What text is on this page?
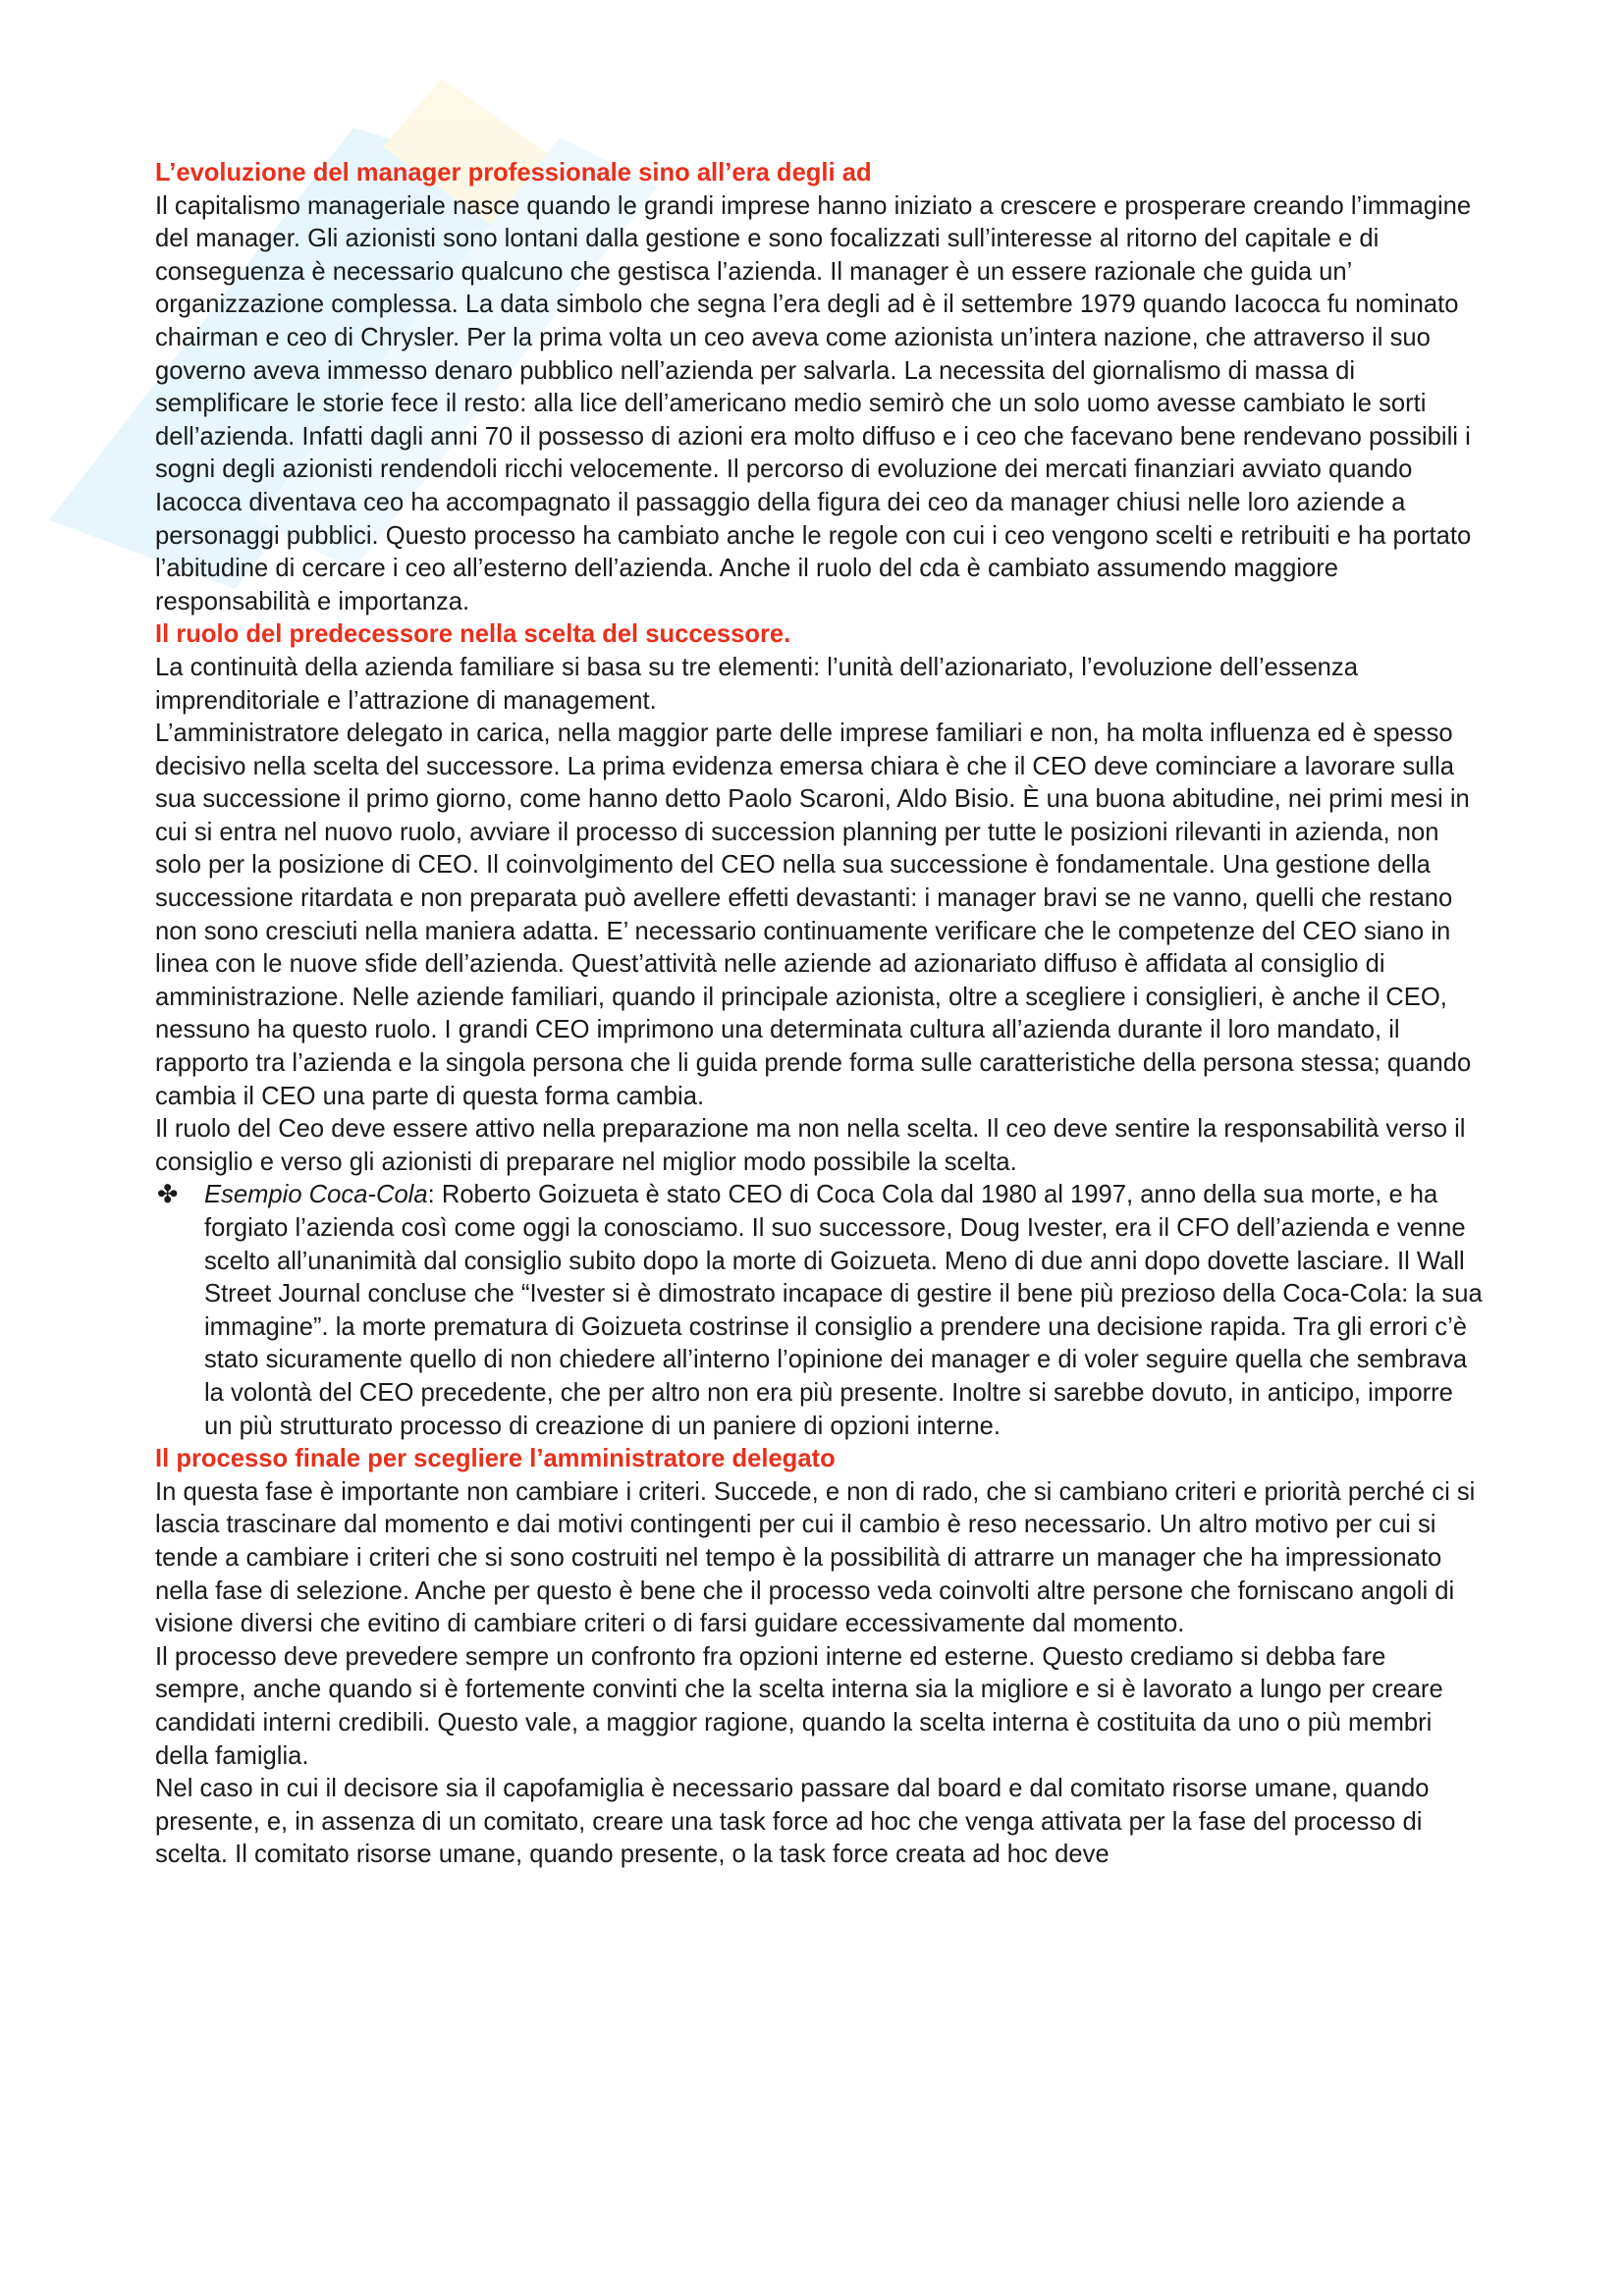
L’evoluzione del manager professionale sino all’era degli ad

Il capitalismo manageriale nasce quando le grandi imprese hanno iniziato a crescere e prosperare creando l’immagine del manager. Gli azionisti sono lontani dalla gestione e sono focalizzati sull’interesse al ritorno del capitale e di conseguenza è necessario qualcuno che gestisca l’azienda. Il manager è un essere razionale che guida un’ organizzazione complessa. La data simbolo che segna l’era degli ad è il settembre 1979 quando Iacocca fu nominato chairman e ceo di Chrysler. Per la prima volta un ceo aveva come azionista un’intera nazione, che attraverso il suo governo aveva immesso denaro pubblico nell’azienda per salvarla. La necessita del giornalismo di massa di semplificare le storie fece il resto: alla lice dell’americano medio semirò che un solo uomo avesse cambiato le sorti dell’azienda. Infatti dagli anni 70 il possesso di azioni era molto diffuso e i ceo che facevano bene rendevano possibili i sogni degli azionisti rendendoli ricchi velocemente. Il percorso di evoluzione dei mercati finanziari avviato quando Iacocca diventava ceo ha accompagnato il passaggio della figura dei ceo da manager chiusi nelle loro aziende a personaggi pubblici. Questo processo ha cambiato anche le regole con cui i ceo vengono scelti e retribuiti e ha portato l’abitudine di cercare i ceo all’esterno dell’azienda. Anche il ruolo del cda è cambiato assumendo maggiore responsabilità e importanza.

Il ruolo del predecessore nella scelta del successore.

La continuità della azienda familiare si basa su tre elementi: l’unità dell’azionariato, l’evoluzione dell’essenza imprenditoriale e l’attrazione di management.

L’amministratore delegato in carica, nella maggior parte delle imprese familiari e non, ha molta influenza ed è spesso decisivo nella scelta del successore. La prima evidenza emersa chiara è che il CEO deve cominciare a lavorare sulla sua successione il primo giorno, come hanno detto Paolo Scaroni, Aldo Bisio. È una buona abitudine, nei primi mesi in cui si entra nel nuovo ruolo, avviare il processo di succession planning per tutte le posizioni rilevanti in azienda, non solo per la posizione di CEO. Il coinvolgimento del CEO nella sua successione è fondamentale. Una gestione della successione ritardata e non preparata può avellere effetti devastanti: i manager bravi se ne vanno, quelli che restano non sono cresciuti nella maniera adatta. E’ necessario continuamente verificare che le competenze del CEO siano in linea con le nuove sfide dell’azienda. Quest’attività nelle aziende ad azionariato diffuso è affidata al consiglio di amministrazione. Nelle aziende familiari, quando il principale azionista, oltre a scegliere i consiglieri, è anche il CEO, nessuno ha questo ruolo. I grandi CEO imprimono una determinata cultura all’azienda durante il loro mandato, il rapporto tra l’azienda e la singola persona che li guida prende forma sulle caratteristiche della persona stessa; quando cambia il CEO una parte di questa forma cambia.

Il ruolo del Ceo deve essere attivo nella preparazione ma non nella scelta. Il ceo deve sentire la responsabilità verso il consiglio e verso gli azionisti di preparare nel miglior modo possibile la scelta.

✤	Esempio Coca-Cola: Roberto Goizueta è stato CEO di Coca Cola dal 1980 al 1997, anno della sua morte, e ha forgiato l’azienda così come oggi la conosciamo. Il suo successore, Doug Ivester, era il CFO dell’azienda e venne scelto all’unanimità dal consiglio subito dopo la morte di Goizueta. Meno di due anni dopo dovette lasciare. Il Wall Street Journal concluse che “Ivester si è dimostrato incapace di gestire il bene più prezioso della Coca-Cola: la sua immagine”. la morte prematura di Goizueta costrinse il consiglio a prendere una decisione rapida. Tra gli errori c’è stato sicuramente quello di non chiedere all’interno l’opinione dei manager e di voler seguire quella che sembrava la volontà del CEO precedente, che per altro non era più presente. Inoltre si sarebbe dovuto, in anticipo, imporre un più strutturato processo di creazione di un paniere di opzioni interne.

Il processo finale per scegliere l’amministratore delegato

In questa fase è importante non cambiare i criteri. Succede, e non di rado, che si cambiano criteri e priorità perché ci si lascia trascinare dal momento e dai motivi contingenti per cui il cambio è reso necessario. Un altro motivo per cui si tende a cambiare i criteri che si sono costruiti nel tempo è la possibilità di attrarre un manager che ha impressionato nella fase di selezione. Anche per questo è bene che il processo veda coinvolti altre persone che forniscano angoli di visione diversi che evitino di cambiare criteri o di farsi guidare eccessivamente dal momento.

Il processo deve prevedere sempre un confronto fra opzioni interne ed esterne. Questo crediamo si debba fare sempre, anche quando si è fortemente convinti che la scelta interna sia la migliore e si è lavorato a lungo per creare candidati interni credibili. Questo vale, a maggior ragione, quando la scelta interna è costituita da uno o più membri della famiglia.

Nel caso in cui il decisore sia il capofamiglia è necessario passare dal board e dal comitato risorse umane, quando presente, e, in assenza di un comitato, creare una task force ad hoc che venga attivata per la fase del processo di scelta. Il comitato risorse umane, quando presente, o la task force creata ad hoc deve
